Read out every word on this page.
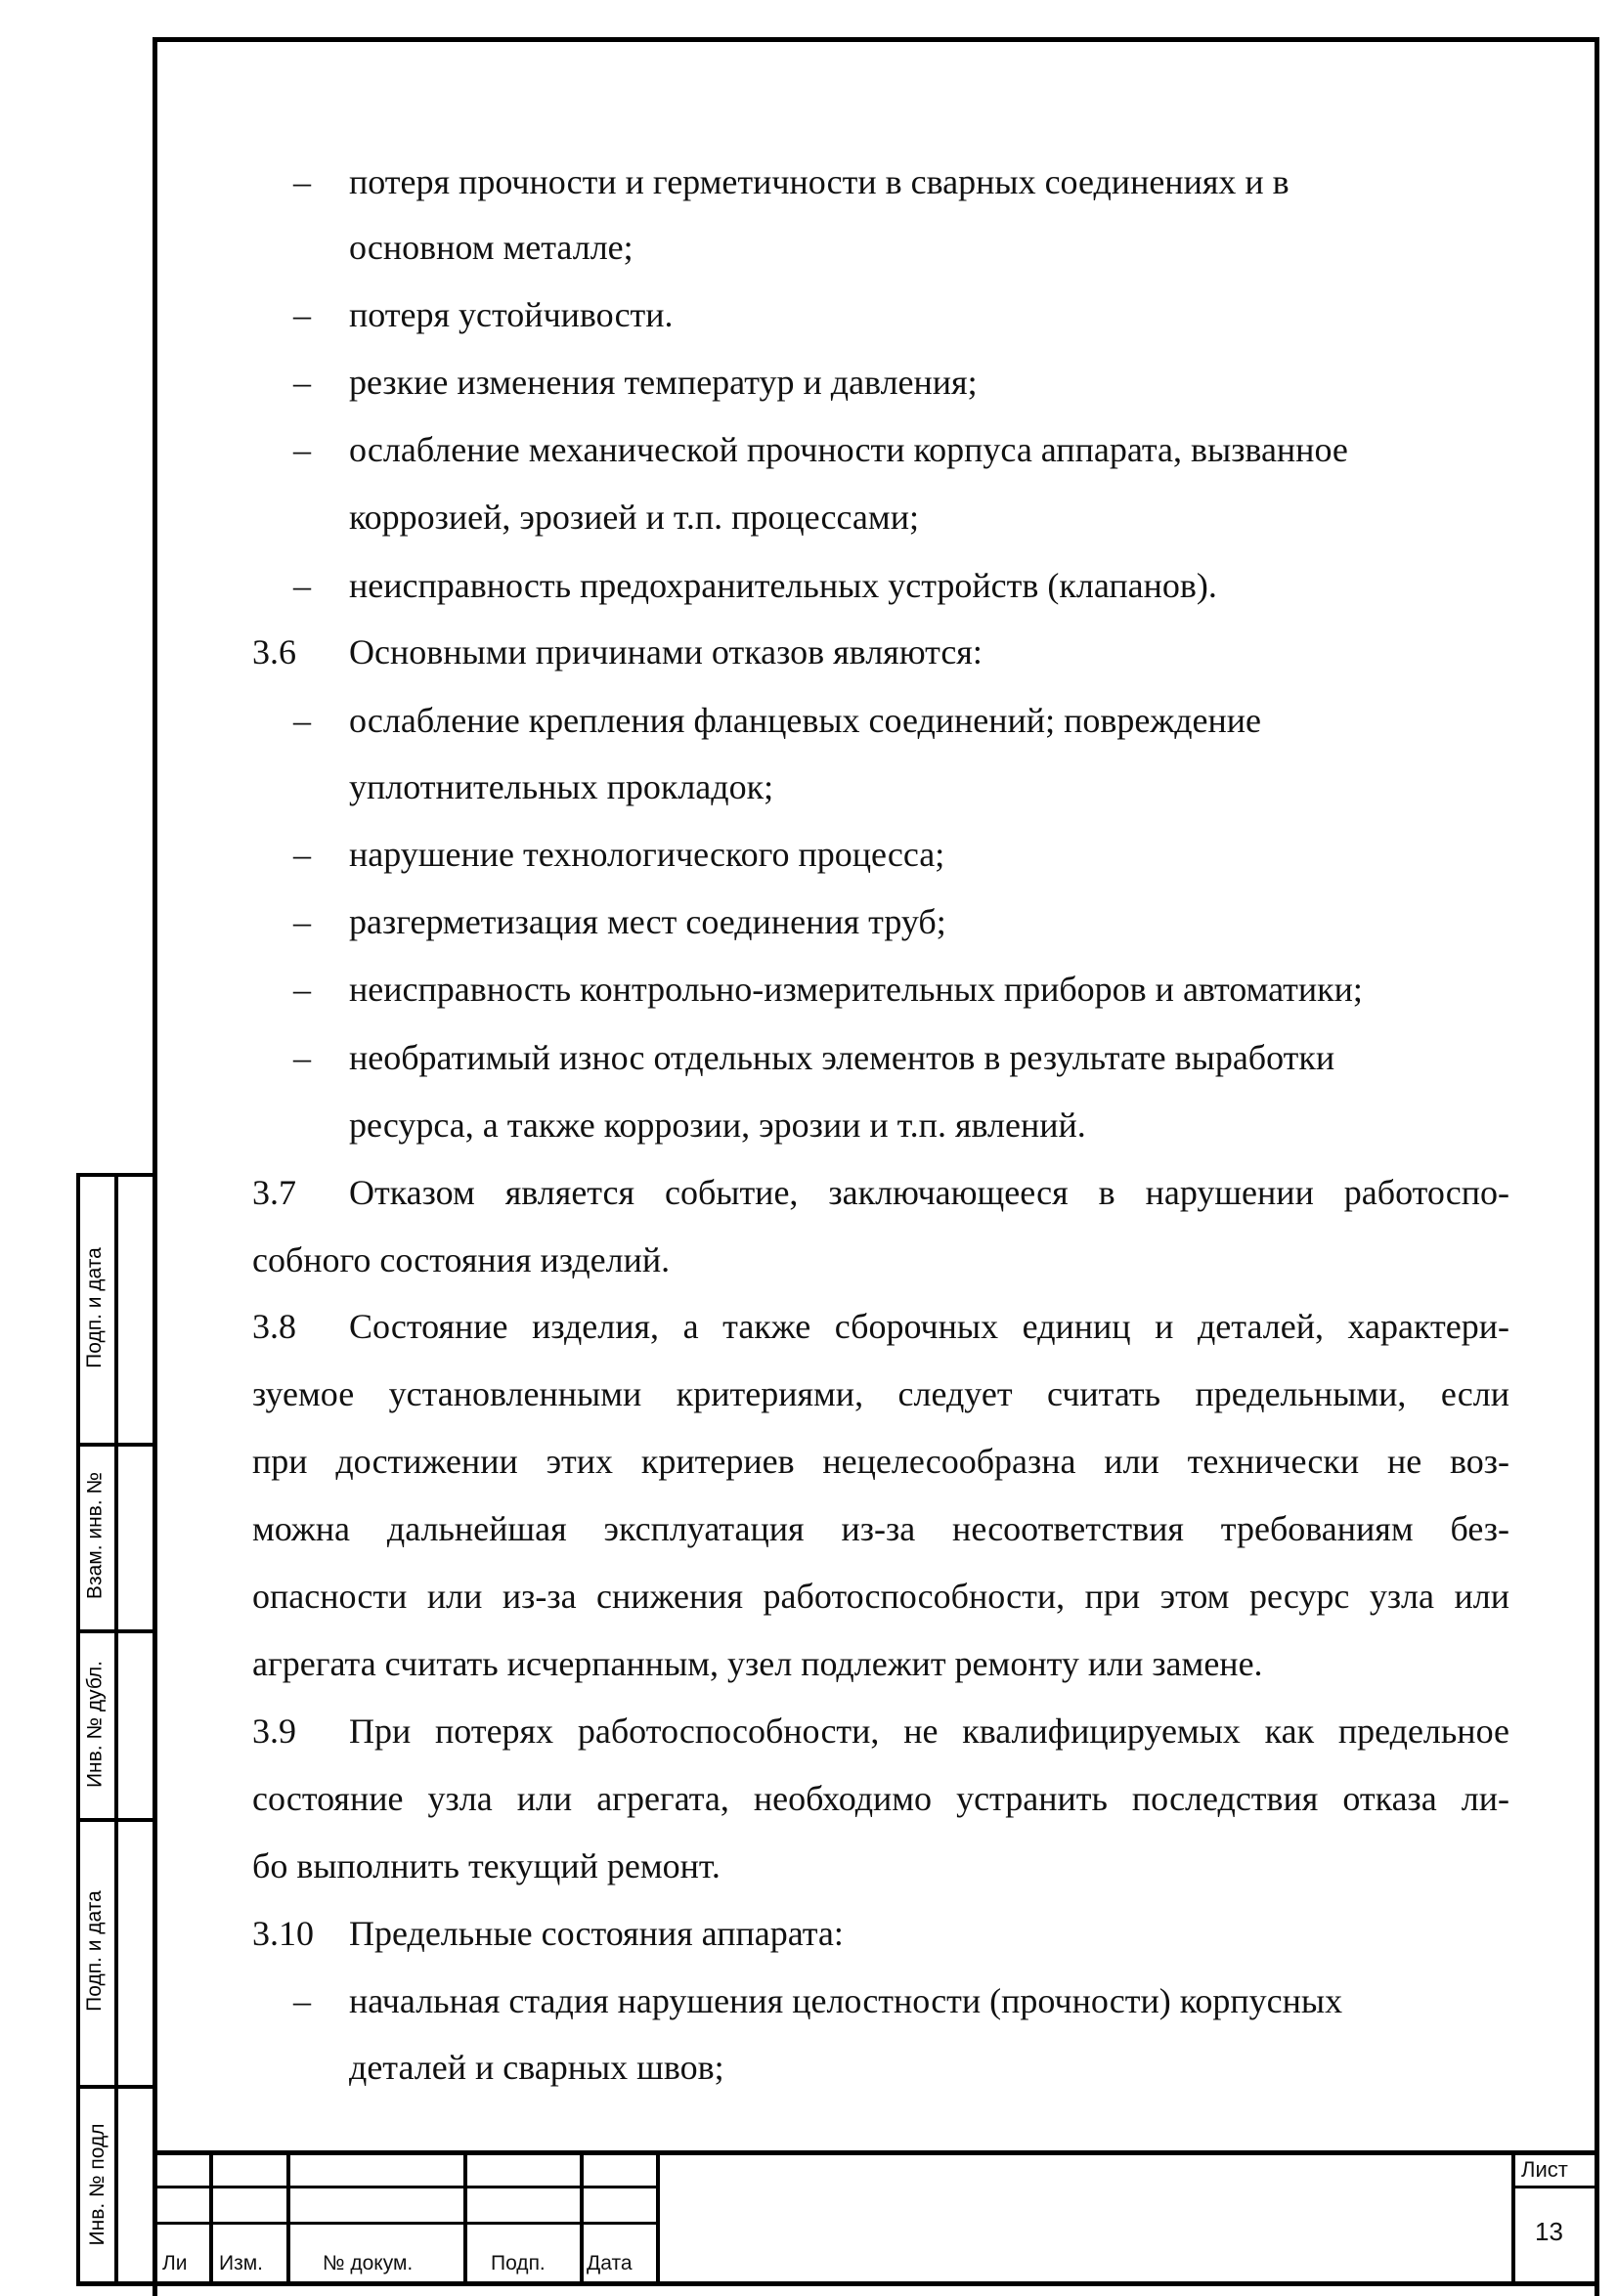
Подп. и дата
Взам. инв. №
Инв. № дубл.
Подп. и дата
Инв. № подл
Ли Изм.	№ докум.	Подп. Дата
Лист
13
–	потеря прочности и герметичности в сварных соединениях и в
основном металле;
–	потеря устойчивости.
–	резкие изменения температур и давления;
–	ослабление механической прочности корпуса аппарата, вызванное
коррозией, эрозией и т.п. процессами;
–	неисправность предохранительных устройств (клапанов).
3.6 Основными причинами отказов являются:
–	ослабление крепления фланцевых соединений; повреждение
уплотнительных прокладок;
–	нарушение технологического процесса;
–	разгерметизация мест соединения труб;
–	неисправность контрольно-измерительных приборов и автоматики;
–	необратимый износ отдельных элементов в результате выработки
ресурса, а также коррозии, эрозии и т.п. явлений.
3.7 Отказом является событие, заключающееся в нарушении работоспо-
собного состояния изделий.
3.8 Состояние изделия, а также сборочных единиц и деталей, характери-
зуемое установленными критериями, следует считать предельными, если
при достижении этих критериев нецелесообразна или технически не воз-
можна дальнейшая эксплуатация из-за несоответствия требованиям без-
опасности или из-за снижения работоспособности, при этом ресурс узла или
агрегата считать исчерпанным, узел подлежит ремонту или замене.
3.9 При потерях работоспособности, не квалифицируемых как предельное
состояние узла или агрегата, необходимо устранить последствия отказа ли-
бо выполнить текущий ремонт.
3.10 Предельные состояния аппарата:
–	начальная стадия нарушения целостности (прочности) корпусных
деталей и сварных швов;
